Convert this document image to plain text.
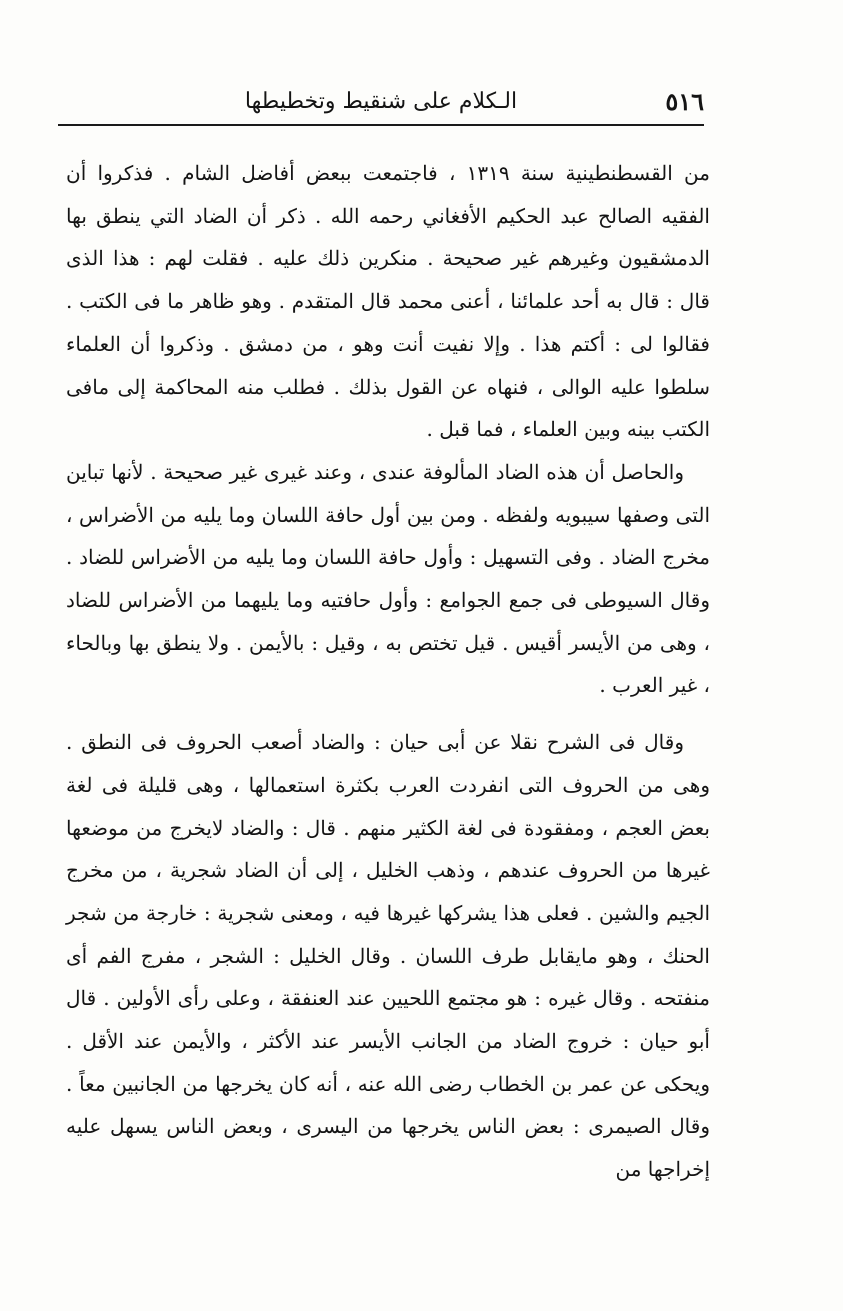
٥١٦
الـكلام على شنقيط وتخطيطها

من القسطنطينية سنة ١٣١٩ ، فاجتمعت ببعض أفاضل الشام . فذكروا أن الفقيه الصالح عبد الحكيم الأفغاني رحمه الله . ذكر أن الضاد التي ينطق بها الدمشقيون وغيرهم غير صحيحة . منكرين ذلك عليه . فقلت لهم : هذا الذى قال : قال به أحد علمائنا ، أعنى محمد قال المتقدم . وهو ظاهر ما فى الكتب . فقالوا لى : أكتم هذا . وإلا نفيت أنت وهو ، من دمشق . وذكروا أن العلماء سلطوا عليه الوالى ، فنهاه عن القول بذلك . فطلب منه المحاكمة إلى مافى الكتب بينه وبين العلماء ، فما قبل .

والحاصل أن هذه الضاد المألوفة عندى ، وعند غيرى غير صحيحة . لأنها تباين التى وصفها سيبويه ولفظه . ومن بين أول حافة اللسان وما يليه من الأضراس ، مخرج الضاد . وفى التسهيل : وأول حافة اللسان وما يليه من الأضراس للضاد . وقال السيوطى فى جمع الجوامع : وأول حافتيه وما يليهما من الأضراس للضاد ، وهى من الأيسر أقيس . قيل تختص به ، وقيل : بالأيمن . ولا ينطق بها وبالحاء ، غير العرب .

وقال فى الشرح نقلا عن أبى حيان : والضاد أصعب الحروف فى النطق . وهى من الحروف التى انفردت العرب بكثرة استعمالها ، وهى قليلة فى لغة بعض العجم ، ومفقودة فى لغة الكثير منهم . قال : والضاد لايخرج من موضعها غيرها من الحروف عندهم ، وذهب الخليل ، إلى أن الضاد شجرية ، من مخرج الجيم والشين . فعلى هذا يشركها غيرها فيه ، ومعنى شجرية : خارجة من شجر الحنك ، وهو مايقابل طرف اللسان . وقال الخليل : الشجر ، مفرج الفم أى منفتحه . وقال غيره : هو مجتمع اللحيين عند العنفقة ، وعلى رأى الأولين . قال أبو حيان : خروج الضاد من الجانب الأيسر عند الأكثر ، والأيمن عند الأقل . ويحكى عن عمر بن الخطاب رضى الله عنه ، أنه كان يخرجها من الجانبين معاً . وقال الصيمرى : بعض الناس يخرجها من اليسرى ، وبعض الناس يسهل عليه إخراجها من
